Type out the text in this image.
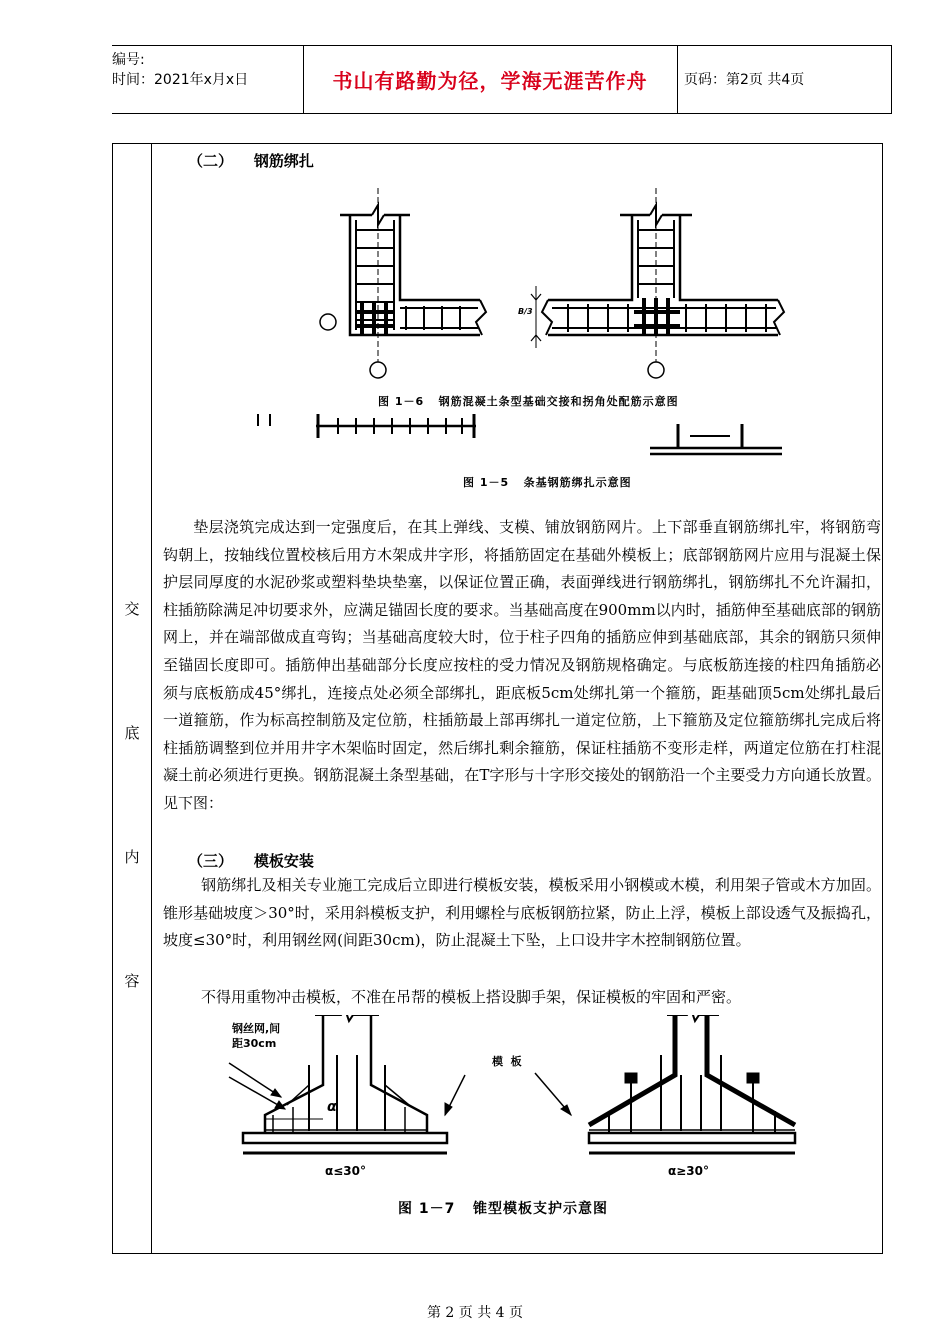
编号:
时间：2021年x月x日	书山有路勤为径，学海无涯苦作舟	页码：第2页 共4页
交
底
内
容
（二）    钢筋绑扎
B/3
图 1－6   钢筋混凝土条型基础交接和拐角处配筋示意图
图 1－5   条基钢筋绑扎示意图
垫层浇筑完成达到一定强度后，在其上弹线、支模、铺放钢筋网片。上下部垂直钢筋绑扎牢，将钢筋弯钩朝上，按轴线位置校核后用方木架成井字形，将插筋固定在基础外模板上；底部钢筋网片应用与混凝土保护层同厚度的水泥砂浆或塑料垫块垫塞，以保证位置正确，表面弹线进行钢筋绑扎，钢筋绑扎不允许漏扣，柱插筋除满足冲切要求外，应满足锚固长度的要求。当基础高度在900mm以内时，插筋伸至基础底部的钢筋网上，并在端部做成直弯钩；当基础高度较大时，位于柱子四角的插筋应伸到基础底部，其余的钢筋只须伸至锚固长度即可。插筋伸出基础部分长度应按柱的受力情况及钢筋规格确定。与底板筋连接的柱四角插筋必须与底板筋成45°绑扎，连接点处必须全部绑扎，距底板5cm处绑扎第一个箍筋，距基础顶5cm处绑扎最后一道箍筋，作为标高控制筋及定位筋，柱插筋最上部再绑扎一道定位筋，上下箍筋及定位箍筋绑扎完成后将柱插筋调整到位并用井字木架临时固定，然后绑扎剩余箍筋，保证柱插筋不变形走样，两道定位筋在打柱混凝土前必须进行更换。钢筋混凝土条型基础，在T字形与十字形交接处的钢筋沿一个主要受力方向通长放置。见下图：
（三）    模板安装
钢筋绑扎及相关专业施工完成后立即进行模板安装，模板采用小钢模或木模，利用架子管或木方加固。锥形基础坡度＞30°时，采用斜模板支护，利用螺栓与底板钢筋拉紧，防止上浮，模板上部设透气及振捣孔，坡度≤30°时，利用钢丝网(间距30cm)，防止混凝土下坠，上口设井字木控制钢筋位置。
不得用重物冲击模板，不准在吊帮的模板上搭设脚手架，保证模板的牢固和严密。
钢丝网,间
距30cm
α
模  板
α≤30°	α≥30°
图 1－7   锥型模板支护示意图
第 2 页 共 4 页
